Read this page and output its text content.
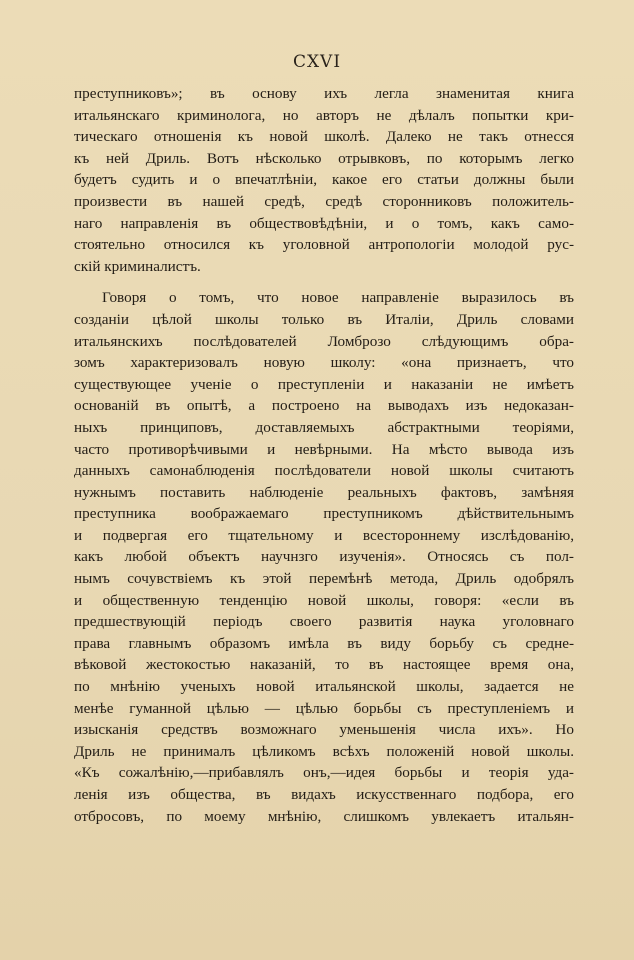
CXVI
преступниковъ»; въ основу ихъ легла знаменитая книга
итальянскаго криминолога, но авторъ не дѣлалъ попытки кри-
тическаго отношенія къ новой школѣ. Далеко не такъ отнесся
къ ней Дриль. Вотъ нѣсколько отрывковъ, по которымъ легко
будетъ судить и о впечатлѣніи, какое его статьи должны были
произвести въ нашей средѣ, средѣ сторонниковъ положитель-
наго направленія въ обществовѣдѣніи, и о томъ, какъ само-
стоятельно относился къ уголовной антропологіи молодой рус-
скій криминалистъ.
Говоря о томъ, что новое направленіе выразилось въ
созданіи цѣлой школы только въ Италіи, Дриль словами
итальянскихъ послѣдователей Ломброзо слѣдующимъ обра-
зомъ характеризовалъ новую школу: «она признаетъ, что
существующее ученіе о преступленіи и наказаніи не имѣетъ
основаній въ опытѣ, а построено на выводахъ изъ недоказан-
ныхъ принциповъ, доставляемыхъ абстрактными теоріями,
часто противорѣчивыми и невѣрными. На мѣсто вывода изъ
данныхъ самонаблюденія послѣдователи новой школы считаютъ
нужнымъ поставить наблюденіе реальныхъ фактовъ, замѣняя
преступника воображаемаго преступникомъ дѣйствительнымъ
и подвергая его тщательному и всестороннему изслѣдованію,
какъ любой объектъ научнзго изученія». Относясь съ пол-
нымъ сочувствіемъ къ этой перемѣнѣ метода, Дриль одобрялъ
и общественную тенденцію новой школы, говоря: «если въ
предшествующій періодъ своего развитія наука уголовнаго
права главнымъ образомъ имѣла въ виду борьбу съ средне-
вѣковой жестокостью наказаній, то въ настоящее время она,
по мнѣнію ученыхъ новой итальянской школы, задается не
менѣе гуманной цѣлью — цѣлью борьбы съ преступленіемъ и
изысканія средствъ возможнаго уменьшенія числа ихъ». Но
Дриль не принималъ цѣликомъ всѣхъ положеній новой школы.
«Къ сожалѣнію,—прибавлялъ онъ,—идея борьбы и теорія уда-
ленія изъ общества, въ видахъ искусственнаго подбора, его
отбросовъ, по моему мнѣнію, слишкомъ увлекаетъ итальян-
